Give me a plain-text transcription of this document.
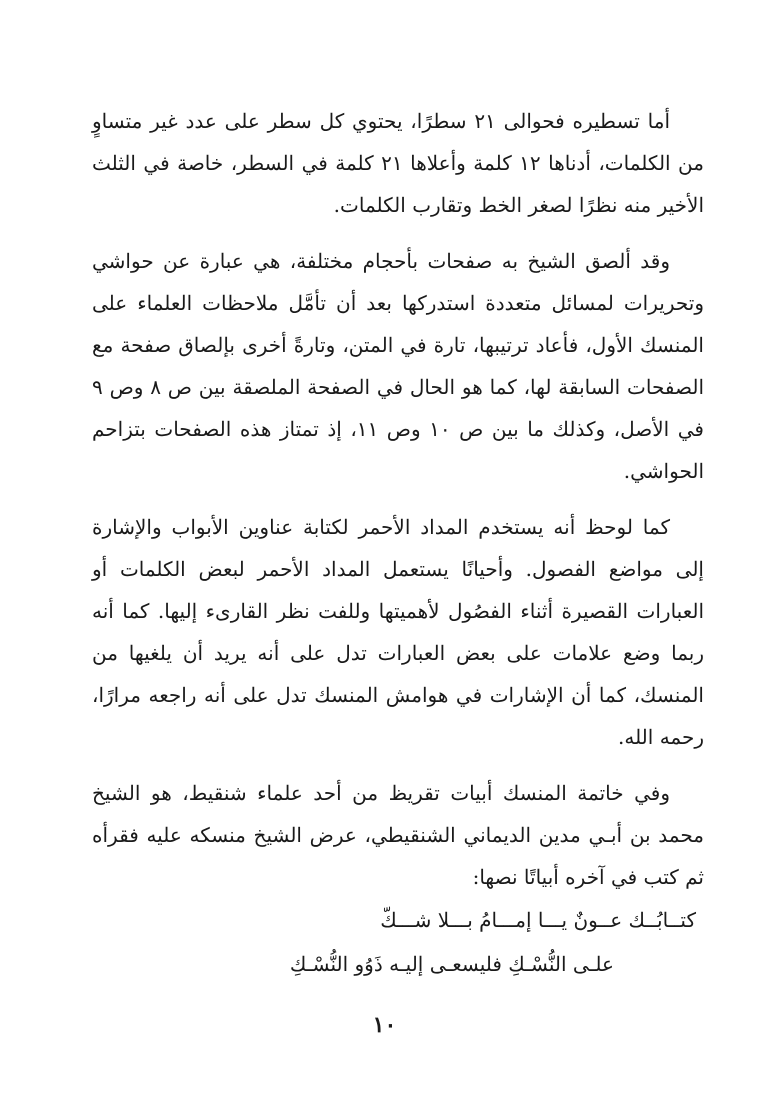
أما تسطيره فحوالى ٢١ سطرًا، يحتوي كل سطر على عدد غير متساوٍ من الكلمات، أدناها ١٢ كلمة وأعلاها ٢١ كلمة في السطر، خاصة في الثلث الأخير منه نظرًا لصغر الخط وتقارب الكلمات.

وقد ألصق الشيخ به صفحات بأحجام مختلفة، هي عبارة عن حواشي وتحريرات لمسائل متعددة استدركها بعد أن تأمَّل ملاحظات العلماء على المنسك الأول، فأعاد ترتيبها، تارة في المتن، وتارةً أخرى بإلصاق صفحة مع الصفحات السابقة لها، كما هو الحال في الصفحة الملصقة بين ص ٨ وص ٩ في الأصل، وكذلك ما بين ص ١٠ وص ١١، إذ تمتاز هذه الصفحات بتزاحم الحواشي.

كما لوحظ أنه يستخدم المداد الأحمر لكتابة عناوين الأبواب والإشارة إلى مواضع الفصول. وأحيانًا يستعمل المداد الأحمر لبعض الكلمات أو العبارات القصيرة أثناء الفصُول لأهميتها وللفت نظر القارىء إليها. كما أنه ربما وضع علامات على بعض العبارات تدل على أنه يريد أن يلغيها من المنسك، كما أن الإشارات في هوامش المنسك تدل على أنه راجعه مرارًا، رحمه الله.

وفي خاتمة المنسك أبيات تقريظ من أحد علماء شنقيط، هو الشيخ محمد بن أبـي مدين الديماني الشنقيطي، عرض الشيخ منسكه عليه فقرأه ثم كتب في آخره أبياتًا نصها:

كتــابُــك عــونٌ يـــا إمـــامُ بـــلا شـــكّ
علـى النُّسْـكِ فليسعـى إليـه ذَوُو النُّسْـكِ
١٠
